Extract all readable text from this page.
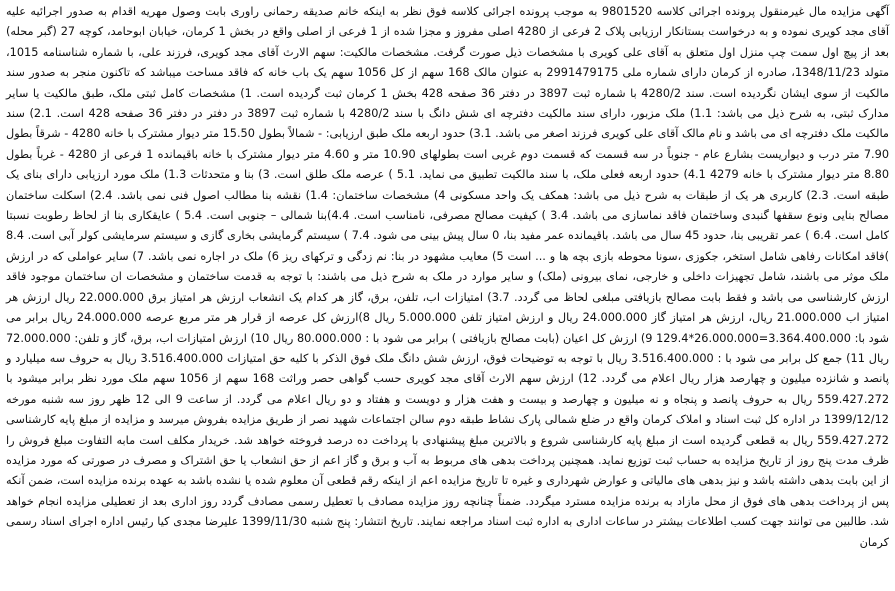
آگهی مزایده مال غیرمنقول پرونده اجرائی کلاسه 9801520 به موجب پرونده اجرائی کلاسه فوق نظر به اینکه خانم صدیقه رحمانی راوری بابت وصول مهریه اقدام به صدور اجرائیه علیه آقای مجد کویری نموده و به درخواست بستانکار ارزیابی پلاک 2 فرعی از 4280 اصلی مفروز و مجزا شده از 1 فرعی از اصلی واقع در بخش 1 کرمان، خیابان ابوحامد، کوچه 27 (گبر محله) بعد از پیچ اول سمت چپ منزل اول متعلق به آقای علی کویری با مشخصات ذیل صورت گرفت. مشخصات مالکیت: سهم الارث آقای مجد کویری، فرزند علی، با شماره شناسنامه 1015، متولد 1348/11/23، صادره از کرمان دارای شماره ملی 2991479175 به عنوان مالک 168 سهم از کل 1056 سهم یک باب خانه که فاقد مساحت میباشد که تاکنون منجر به صدور سند مالکیت از سوی ایشان نگردیده است. سند 4280/2 با شماره ثبت 3897 در دفتر 36 صفحه 428 بخش 1 کرمان ثبت گردیده است. 1) مشخصات کامل ثبتی ملک، طبق مالکیت یا سایر مدارک ثبتی، به شرح ذیل می باشد: 1.1) ملک مزبور، دارای سند مالکیت دفترچه ای شش دانگ با سند 4280/2 با شماره ثبت 3897 در دفتر در دفتر 36 صفحه 428 است. 2.1) سند مالکیت ملک دفترچه ای می باشد و نام مالک آقای علی کویری فرزند اصغر می باشد. 3.1) حدود اربعه ملک طبق ارزیابی: - شمالاً بطول 15.50 متر دیوار مشترک با خانه 4280 - شرقاً بطول 7.90 متر درب و دیواریست بشارع عام - جنوباً در سه قسمت که قسمت دوم غربی است بطولهای 10.90 متر و 4.60 متر دیوار مشترک با خانه باقیمانده 1 فرعی از 4280 - غرباً بطول 8.80 متر دیوار مشترک با خانه 4279 4.1) حدود اربعه فعلی ملک، با سند مالکیت تطبیق می نماید. 5.1 ) عرصه ملک طلق است. 3) بنا و متحدثات 1.3) ملک مورد ارزیابی دارای بنای یک طبقه است. 2.3) کاربری هر یک از طبقات به شرح ذیل می باشد: همکف یک واحد مسکونی 4) مشخصات ساختمان: 1.4) نقشه بنا مطالب اصول فنی نمی باشد. 2.4) اسکلت ساختمان مصالح بنایی ونوع سقفها گنبدی وساختمان فاقد نماسازی می باشد. 3.4 ) کیفیت مصالح مصرفی، نامناسب است. 4.4)بنا شمالی – جنوبی است. 5.4 ) عایقکاری بنا از لحاظ رطوبت نسبتا کامل است. 6.4 ) عمر تقریبی بنا، حدود 45 سال می باشد. باقیمانده عمر مفید بنا، 0 سال پیش بینی می شود. 7.4 ) سیستم گرمایشی بخاری گازی و سیستم سرمایشی کولر آبی است. 8.4 )فاقد امکانات رفاهی شامل استخر، جکوزی ،سونا محوطه بازی بچه ها و ... است 5) معایب مشهود در بنا: نم زدگی و ترکهای ریز 6) ملک در اجاره نمی باشد. 7) سایر عواملی که در ارزش ملک موثر می باشند، شامل تجهیزات داخلی و خارجی، نمای بیرونی (ملک) و سایر موارد در ملک به شرح ذیل می باشند: با توجه به قدمت ساختمان و مشخصات ان ساختمان موجود فاقد ارزش کارشناسی می باشد و فقط بابت مصالح بازیافتی مبلغی لحاظ می گردد. 3.7) امتیازات اب، تلفن، برق، گاز هر کدام یک انشعاب ارزش هر امتیاز برق 22.000.000 ریال ارزش هر امتیاز اب 21.000.000 ریال، ارزش هر امتیاز گاز 24.000.000 ریال و ارزش امتیاز تلفن 5.000.000 ریال 8)ارزش کل عرصه از قرار هر متر مربع عرصه 24.000.000 ریال برابر می شود با: 3.364.400.000=26.000.000*129.4 9) ارزش کل اعیان (بابت مصالح بازیافتی ) برابر می شود با : 80.000.000 ریال 10) ارزش امتیازات اب، برق، گاز و تلفن: 72.000.000 ریال 11) جمع کل برابر می شود با : 3.516.400.000 ریال با توجه به توضیحات فوق، ارزش شش دانگ ملک فوق الذکر با کلیه حق امتیازات 3.516.400.000 ریال به حروف سه میلیارد و پانصد و شانزده میلیون و چهارصد هزار ریال اعلام می گردد. 12) ارزش سهم الارث آقای مجد کویری حسب گواهی حصر وراثت 168 سهم از 1056 سهم ملک مورد نظر برابر میشود با 559.427.272 ریال به حروف پانصد و پنجاه و نه میلیون و چهارصد و بیست و هفت هزار و دویست و هفتاد و دو ریال اعلام می گردد. از ساعت 9 الی 12 ظهر روز سه شنبه مورخه 1399/12/12 در اداره کل ثبت اسناد و املاک کرمان واقع در ضلع شمالی پارک نشاط طبقه دوم سالن اجتماعات شهید نصر از طریق مزایده بفروش میرسد و مزایده از مبلغ پایه کارشناسی 559.427.272 ریال به قطعی گردیده است از مبلغ پایه کارشناسی شروع و بالاترین مبلغ پیشنهادی با پرداخت ده درصد فروخته خواهد شد. خریدار مکلف است مابه التفاوت مبلغ فروش را ظرف مدت پنج روز از تاریخ مزایده به حساب ثبت توزیع نماید. همچنین پرداخت بدهی های مربوط به آب و برق و گاز اعم از حق انشعاب یا حق اشتراک و مصرف در صورتی که مورد مزایده از این بابت بدهی داشته باشد و نیز بدهی های مالیاتی و عوارض شهرداری و غیره تا تاریخ مزایده اعم از اینکه رقم قطعی آن معلوم شده یا نشده باشد به عهده برنده مزایده است، ضمن آنکه پس از پرداخت بدهی های فوق از محل مازاد به برنده مزایده مسترد میگردد. ضمناً چنانچه روز مزایده مصادف با تعطیل رسمی مصادف گردد روز اداری بعد از تعطیلی مزایده انجام خواهد شد. طالبین می توانند جهت کسب اطلاعات بیشتر در ساعات اداری به اداره ثبت اسناد مراجعه نمایند. تاریخ انتشار: پنج شنبه 1399/11/30 علیرضا مجدی کیا رئیس اداره اجرای اسناد رسمی کرمان
